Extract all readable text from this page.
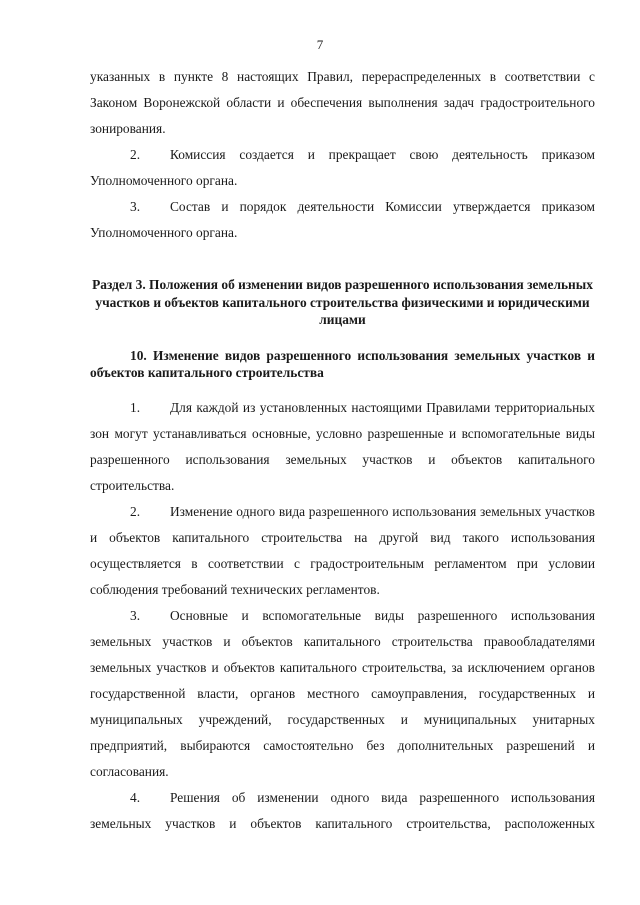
7

указанных в пункте 8 настоящих Правил, перераспределенных в соответствии с Законом Воронежской области и обеспечения выполнения задач градостроительного зонирования.

2. Комиссия создается и прекращает свою деятельность приказом Уполномоченного органа.

3. Состав и порядок деятельности Комиссии утверждается приказом Уполномоченного органа.

Раздел 3. Положения об изменении видов разрешенного использования земельных участков и объектов капитального строительства физическими и юридическими лицами

10. Изменение видов разрешенного использования земельных участков и объектов капитального строительства

1. Для каждой из установленных настоящими Правилами территориальных зон могут устанавливаться основные, условно разрешенные и вспомогательные виды разрешенного использования земельных участков и объектов капитального строительства.

2. Изменение одного вида разрешенного использования земельных участков и объектов капитального строительства на другой вид такого использования осуществляется в соответствии с градостроительным регламентом при условии соблюдения требований технических регламентов.

3. Основные и вспомогательные виды разрешенного использования земельных участков и объектов капитального строительства правообладателями земельных участков и объектов капитального строительства, за исключением органов государственной власти, органов местного самоуправления, государственных и муниципальных учреждений, государственных и муниципальных унитарных предприятий, выбираются самостоятельно без дополнительных разрешений и согласования.

4. Решения об изменении одного вида разрешенного использования земельных участков и объектов капитального строительства, расположенных
